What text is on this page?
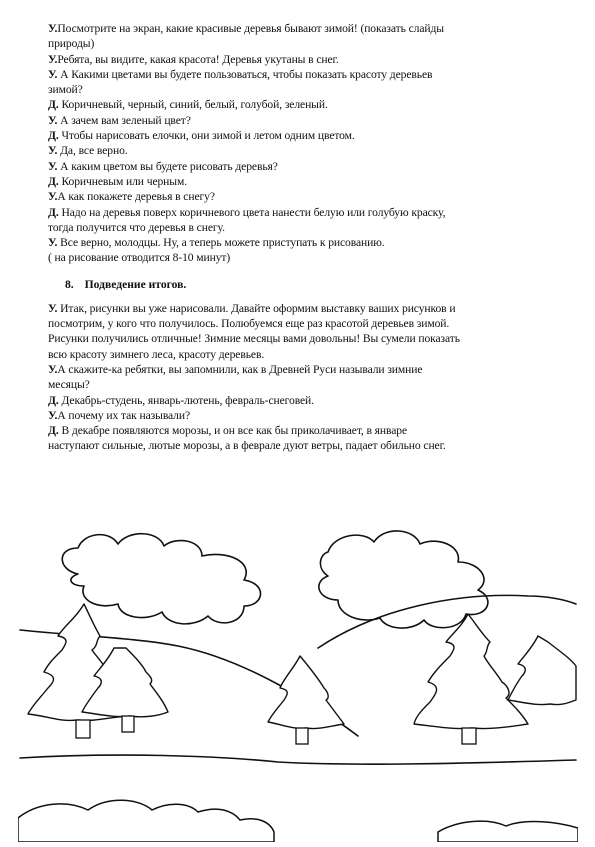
У.Посмотрите на экран, какие красивые деревья бывают зимой! (показать слайды
природы)
У.Ребята, вы видите, какая красота! Деревья укутаны в снег.
У. А Какими цветами вы будете пользоваться, чтобы показать красоту деревьев
зимой?
Д. Коричневый, черный, синий, белый, голубой, зеленый.
У. А зачем вам зеленый цвет?
Д. Чтобы нарисовать елочки, они зимой и летом одним цветом.
У. Да, все верно.
У. А каким цветом вы будете рисовать деревья?
Д. Коричневым или черным.
У.А как покажете деревья в снегу?
Д. Надо на деревья поверх коричневого цвета нанести белую или голубую краску,
тогда получится что деревья в снегу.
У. Все верно, молодцы. Ну, а теперь можете приступать к рисованию.
( на рисование отводится 8-10 минут)
8. Подведение итогов.
У. Итак, рисунки вы уже нарисовали. Давайте оформим выставку ваших рисунков и
посмотрим, у кого что получилось. Полюбуемся еще раз красотой деревьев зимой.
Рисунки получились отличные! Зимние месяцы вами довольны! Вы сумели показать
всю красоту зимнего леса, красоту деревьев.
У.А скажите-ка ребятки, вы запомнили, как в Древней Руси называли зимние
месяцы?
Д. Декабрь-студень, январь-лютень, февраль-снеговей.
У.А почему их так называли?
Д. В декабре появляются морозы, и он все как бы приколачивает, в январе
наступают сильные, лютые морозы, а в феврале дуют ветры, падает обильно снег.
